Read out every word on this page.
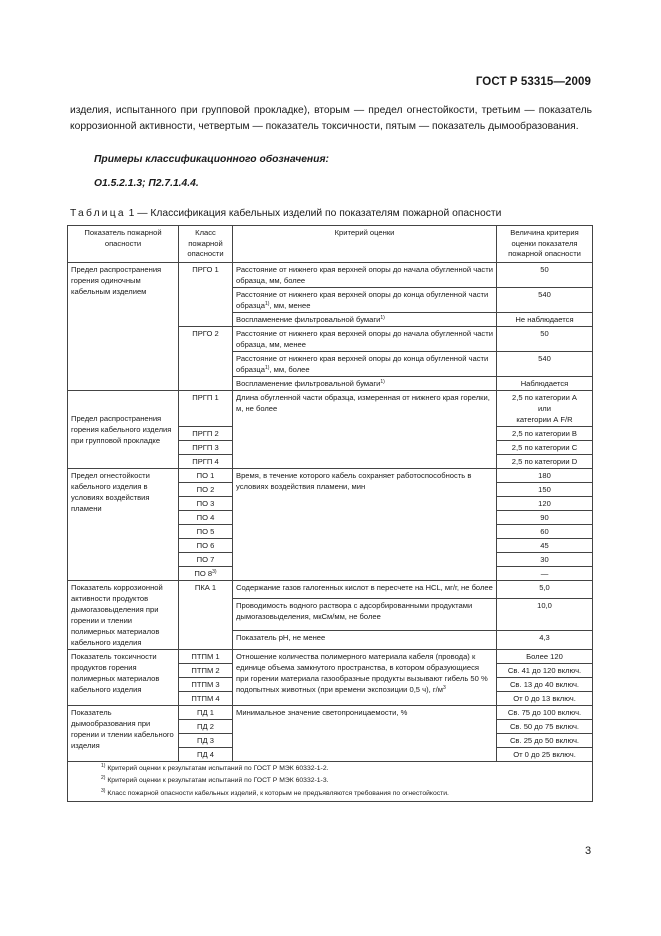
ГОСТ Р 53315—2009
изделия, испытанного при групповой прокладке), вторым — предел огнестойкости, третьим — показатель коррозионной активности, четвертым — показатель токсичности, пятым — показатель дымообразования.
Примеры классификационного обозначения:
О1.5.2.1.3; П2.7.1.4.4.
Таблица 1 — Классификация кабельных изделий по показателям пожарной опасности
Показатель пожарной опасности	Класс пожарной опасности	Критерий оценки	Величина критерия оценки показателя пожарной опасности
Предел распространения горения одиночным кабельным изделием	ПРГО 1	Расстояние от нижнего края верхней опоры до начала обугленной части образца, мм, более	50
		Расстояние от нижнего края верхней опоры до конца обугленной части образца$^{1)}$, мм, менее	540
		Воспламенение фильтровальной бумаги$^{1)}$	Не наблюдается
	ПРГО 2	Расстояние от нижнего края верхней опоры до начала обугленной части образца, мм, менее	50
		Расстояние от нижнего края верхней опоры до конца обугленной части образца$^{1)}$, мм, более	540
		Воспламенение фильтровальной бумаги$^{1)}$	Наблюдается
Предел распространения горения кабельного изделия при групповой прокладке	ПРГП 1	Длина обугленной части образца, измеренная от нижнего края горелки, м, не более	2,5 по категории А
или
категории А F/R

	ПРГП 2		2,5 по категории В
	ПРГП 3		2,5 по категории С
	ПРГП 4		2,5 по категории D
Предел огнестойкости кабельного изделия в условиях воздействия пламени	ПО 1	Время, в течение которого кабель сохраняет работоспособность в условиях воздействия пламени, мин	180
	ПО 2		150
	ПО 3		120
	ПО 4		90
	ПО 5		60
	ПО 6		45
	ПО 7		30
	ПО 8$^{3)}$		—
Показатель коррозионной активности продуктов дымогазовыделения при горении и тлении полимерных материалов кабельного изделия	ПКА 1	Содержание газов галогенных кислот в пересчете на HCL, мг/г, не более	5,0
		Проводимость водного раствора с адсорбированными продуктами дымогазовыделения, мкСм/мм, не более	10,0
		Показатель pH, не менее	4,3
Показатель токсичности продуктов горения полимерных материалов кабельного изделия	ПТПМ 1	Отношение количества полимерного материала кабеля (провода) к единице объема замкнутого пространства, в котором образующиеся при горении материала газообразные продукты вызывают гибель 50 % подопытных животных (при времени экспозиции 0,5 ч), $г/м^3$	Более 120
	ПТПМ 2		Св. 41 до 120 включ.
	ПТПМ 3		Св. 13 до 40 включ.
	ПТПМ 4		От 0 до 13 включ.
Показатель дымообразования при горении и тлении кабельного изделия	ПД 1	Минимальное значение светопроницаемости, %	Св. 75 до 100 включ.
	ПД 2		Св. 50 до 75 включ.
	ПД 3		Св. 25 до 50 включ.
	ПД 4		От 0 до 25 включ.

$^{1)}$ Критерий оценки к результатам испытаний по ГОСТ Р МЭК 60332-1-2.
$^{2)}$ Критерий оценки к результатам испытаний по ГОСТ Р МЭК 60332-1-3.
$^{3)}$ Класс пожарной опасности кабельных изделий, к которым не предъявляются требования по огнестойкости.			
3
